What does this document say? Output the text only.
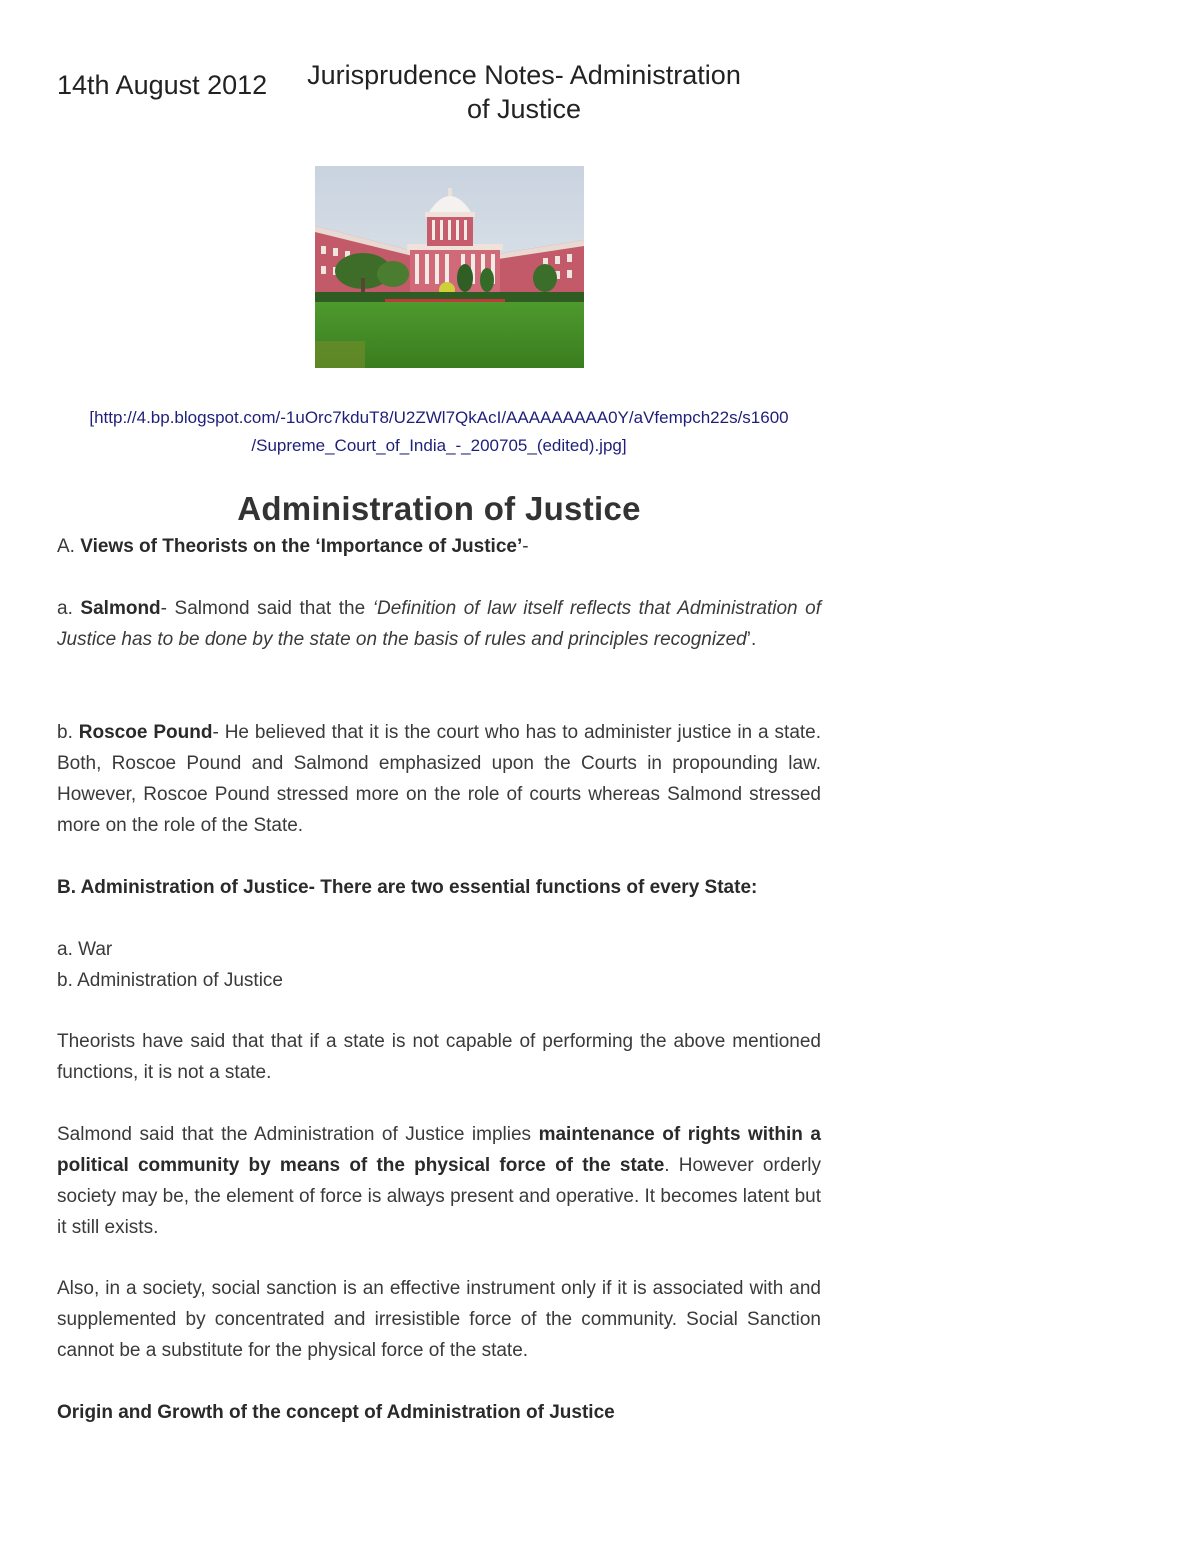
14th August 2012	Jurisprudence Notes- Administration
of Justice
[http://4.bp.blogspot.com/-1uOrc7kduT8/U2ZWl7QkAcI/AAAAAAAAA0Y/aVfempch22s/s1600
/Supreme_Court_of_India_-_200705_(edited).jpg]
Administration of Justice
A. Views of Theorists on the ‘Importance of Justice’-
a. Salmond- Salmond said that the ‘Definition of law itself reflects that Administration of Justice has to be done by the state on the basis of rules and principles recognized’.
b. Roscoe Pound- He believed that it is the court who has to administer justice in a state. Both, Roscoe Pound and Salmond emphasized upon the Courts in propounding law. However, Roscoe Pound stressed more on the role of courts whereas Salmond stressed more on the role of the State.
B. Administration of Justice- There are two essential functions of every State:
a. War
b. Administration of Justice
Theorists have said that that if a state is not capable of performing the above mentioned functions, it is not a state.
Salmond said that the Administration of Justice implies maintenance of rights within a political community by means of the physical force of the state. However orderly society may be, the element of force is always present and operative. It becomes latent but it still exists.
Also, in a society, social sanction is an effective instrument only if it is associated with and supplemented by concentrated and irresistible force of the community. Social Sanction cannot be a substitute for the physical force of the state.
Origin and Growth of the concept of Administration of Justice
